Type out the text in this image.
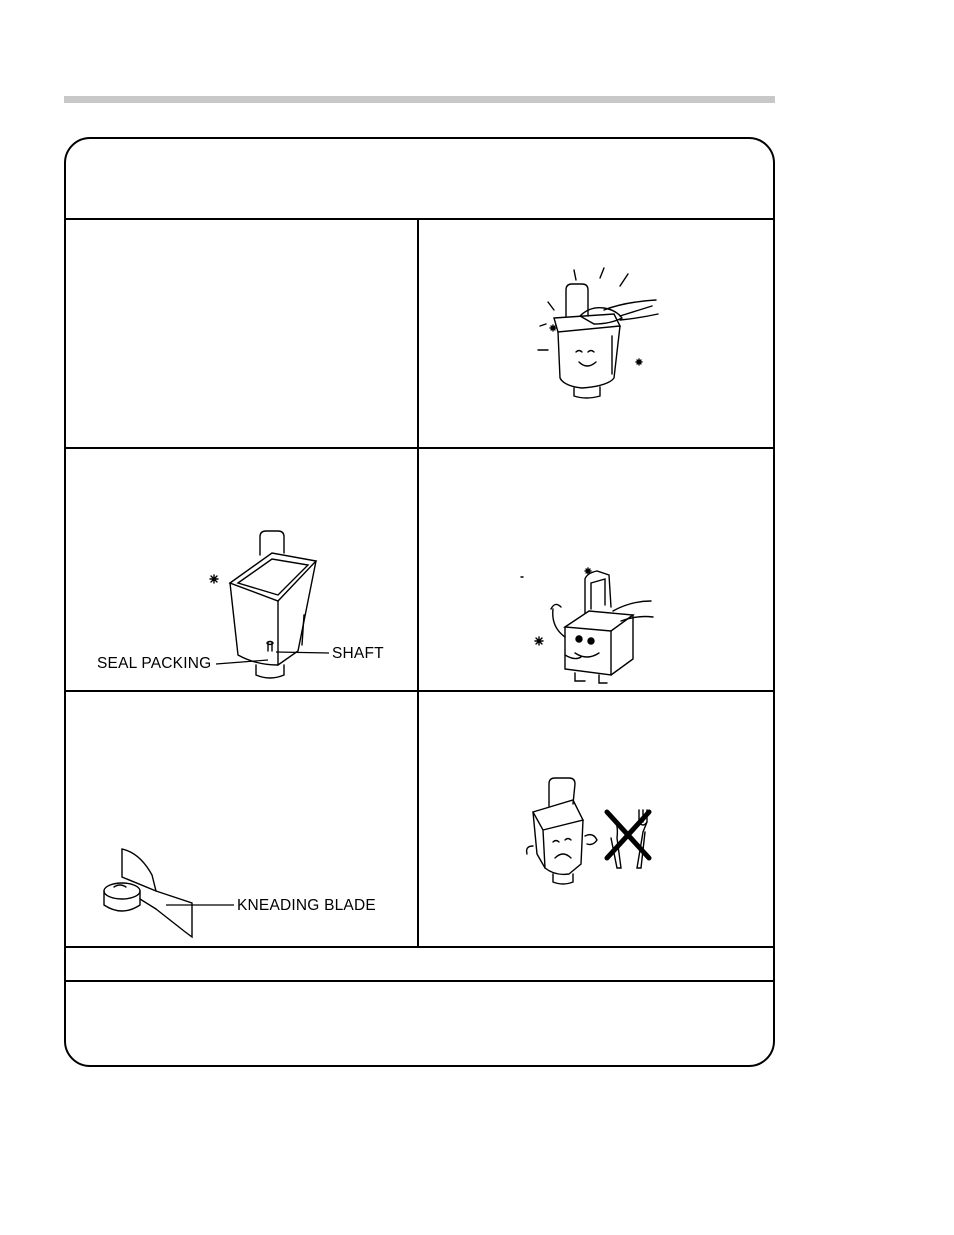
SEAL PACKING
SHAFT
KNEADING BLADE
